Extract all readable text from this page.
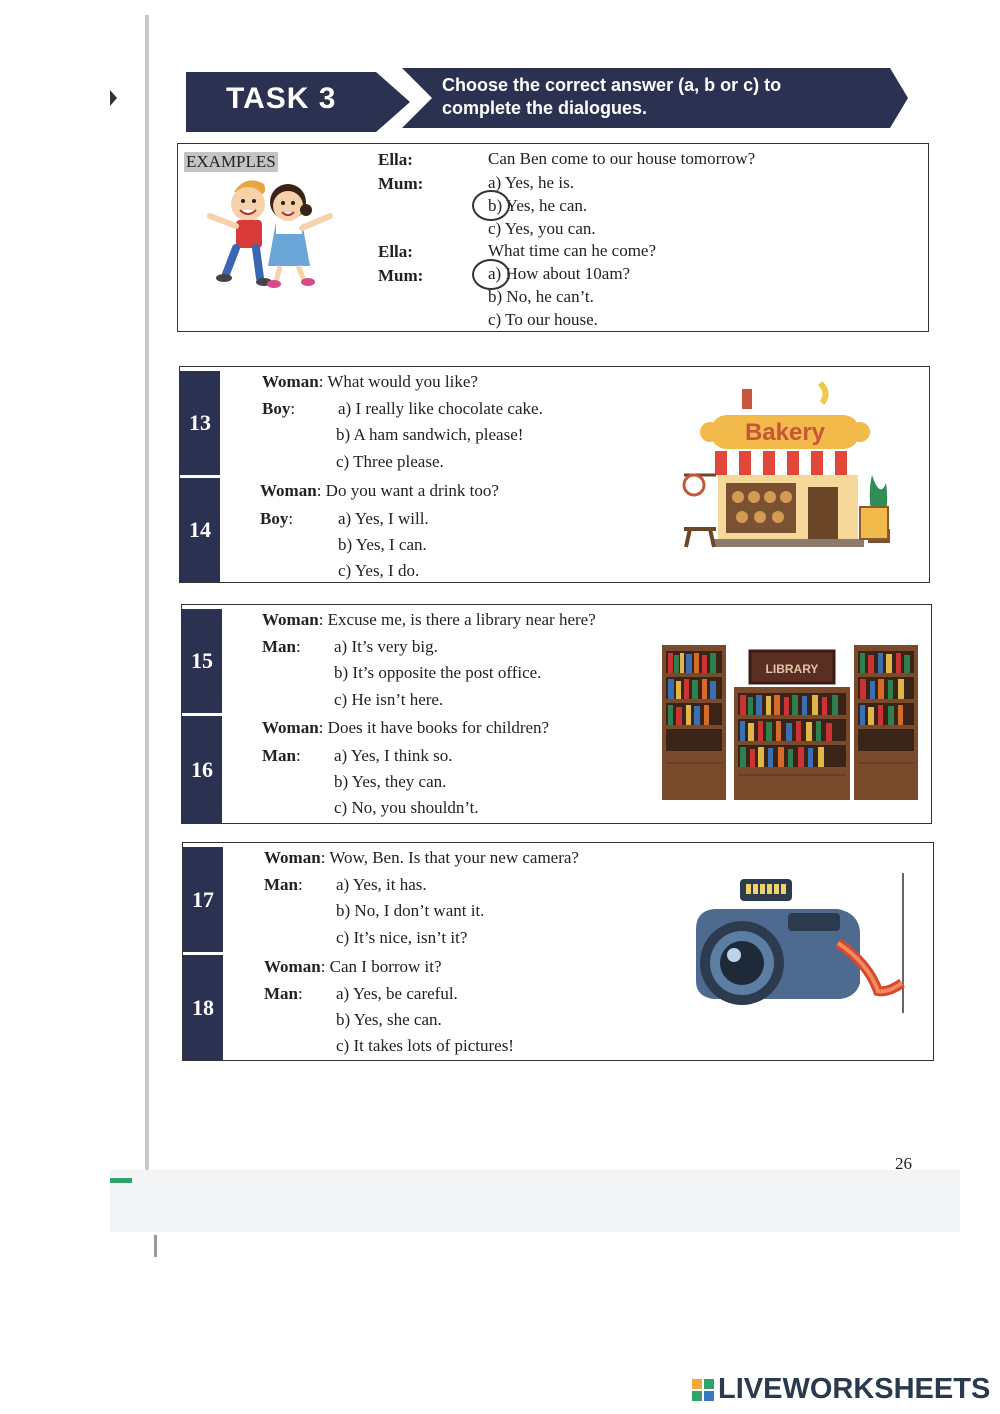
TASK 3	Choose the correct answer (a, b or c) to
complete the dialogues.
EXAMPLES	Ella:	Can Ben come to our house tomorrow?
Mum:	a) Yes, he is.
b) Yes, he can.
c) Yes, you can.
Ella:	What time can he come?
Mum:	a) How about 10am?
b) No, he can’t.
c) To our house.
13
14
Woman: What would you like?
Boy:	a) I really like chocolate cake.
b) A ham sandwich, please!
c) Three please.
Woman: Do you want a drink too?
Boy:	a) Yes, I will.
b) Yes, I can.
c) Yes, I do.
Bakery
15
16
Woman: Excuse me, is there a library near here?
Man: a) It’s very big.
b) It’s opposite the post office.
c) He isn’t here.
Woman: Does it have books for children?
Man: a) Yes, I think so.
b) Yes, they can.
c) No, you shouldn’t.
LIBRARY
17
18
Woman: Wow, Ben. Is that your new camera?
Man: a) Yes, it has.
b) No, I don’t want it.
c) It’s nice, isn’t it?
Woman: Can I borrow it?
Man: a) Yes, be careful.
b) Yes, she can.
c) It takes lots of pictures!
26
LIVEWORKSHEETS
